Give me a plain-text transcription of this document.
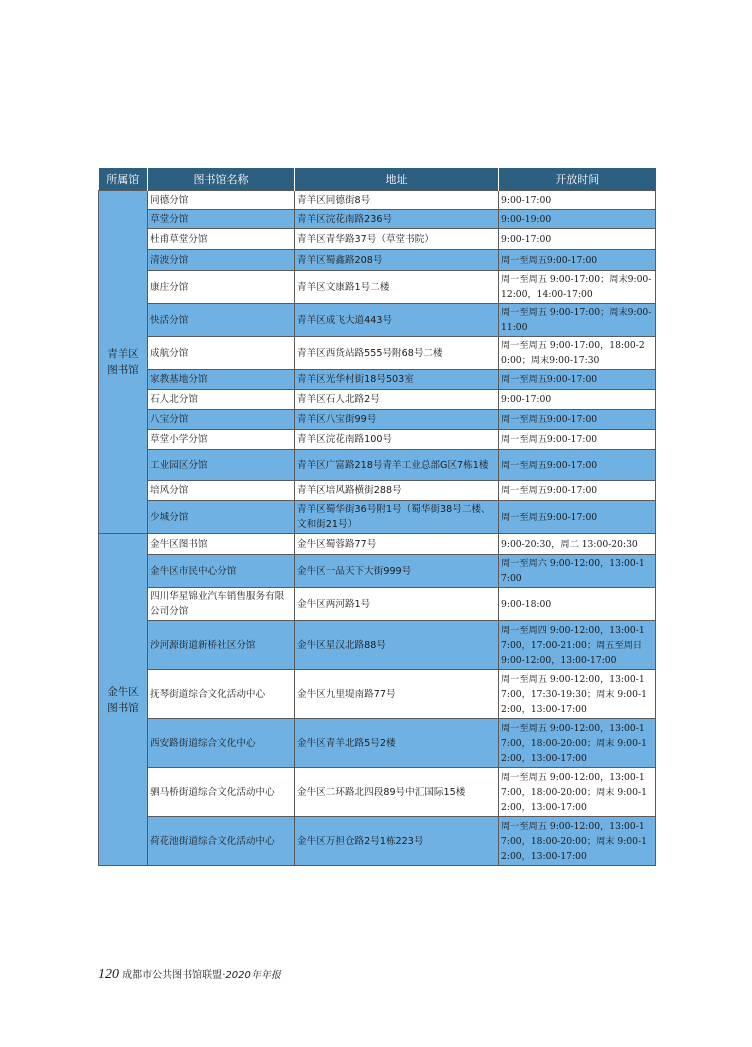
所属馆	图书馆名称	地址	开放时间
青羊区
图书馆	同德分馆	青羊区同德街8号	9:00-17:00
	草堂分馆	青羊区浣花南路236号	9:00-19:00
	杜甫草堂分馆	青羊区青华路37号（草堂书院）	9:00-17:00
	清波分馆	青羊区蜀鑫路208号	周一至周五9:00-17:00
	康庄分馆	青羊区文康路1号二楼	周一至周五 9:00-17:00；周末9:00-12:00，14:00-17:00
	快活分馆	青羊区成飞大道443号	周一至周五 9:00-17:00；周末9:00-11:00
	成航分馆	青羊区西货站路555号附68号二楼	周一至周五 9:00-17:00，18:00-20:00；周末9:00-17:30
	家教基地分馆	青羊区光华村街18号503室	周一至周五9:00-17:00
	石人北分馆	青羊区石人北路2号	9:00-17:00
	八宝分馆	青羊区八宝街99号	周一至周五9:00-17:00
	草堂小学分馆	青羊区浣花南路100号	周一至周五9:00-17:00
	工业园区分馆	青羊区广富路218号青羊工业总部G区7栋1楼	周一至周五9:00-17:00
	培风分馆	青羊区培风路横街288号	周一至周五9:00-17:00
	少城分馆	青羊区蜀华街36号附1号（蜀华街38号二楼、文和街21号）	周一至周五9:00-17:00
金牛区
图书馆	金牛区图书馆	金牛区蜀蓉路77号	9:00-20:30，周二 13:00-20:30
	金牛区市民中心分馆	金牛区一品天下大街999号	周一至周六 9:00-12:00，13:00-17:00
	四川华星锦业汽车销售服务有限公司分馆	金牛区两河路1号	9:00-18:00
	沙河源街道新桥社区分馆	金牛区星汉北路88号	周一至周四 9:00-12:00，13:00-17:00，17:00-21:00；周五至周日 9:00-12:00，13:00-17:00
	抚琴街道综合文化活动中心	金牛区九里堤南路77号	周一至周五 9:00-12:00，13:00-17:00，17:30-19:30；周末 9:00-12:00，13:00-17:00
	西安路街道综合文化中心	金牛区青羊北路5号2楼	周一至周五 9:00-12:00，13:00-17:00，18:00-20:00；周末 9:00-12:00，13:00-17:00
	驷马桥街道综合文化活动中心	金牛区二环路北四段89号中汇国际15楼	周一至周五 9:00-12:00，13:00-17:00，18:00-20:00；周末 9:00-12:00，13:00-17:00
	荷花池街道综合文化活动中心	金牛区万担仓路2号1栋223号	周一至周五 9:00-12:00，13:00-17:00，18:00-20:00；周末 9:00-12:00，13:00-17:00
120 成都市公共图书馆联盟·2020年年报
